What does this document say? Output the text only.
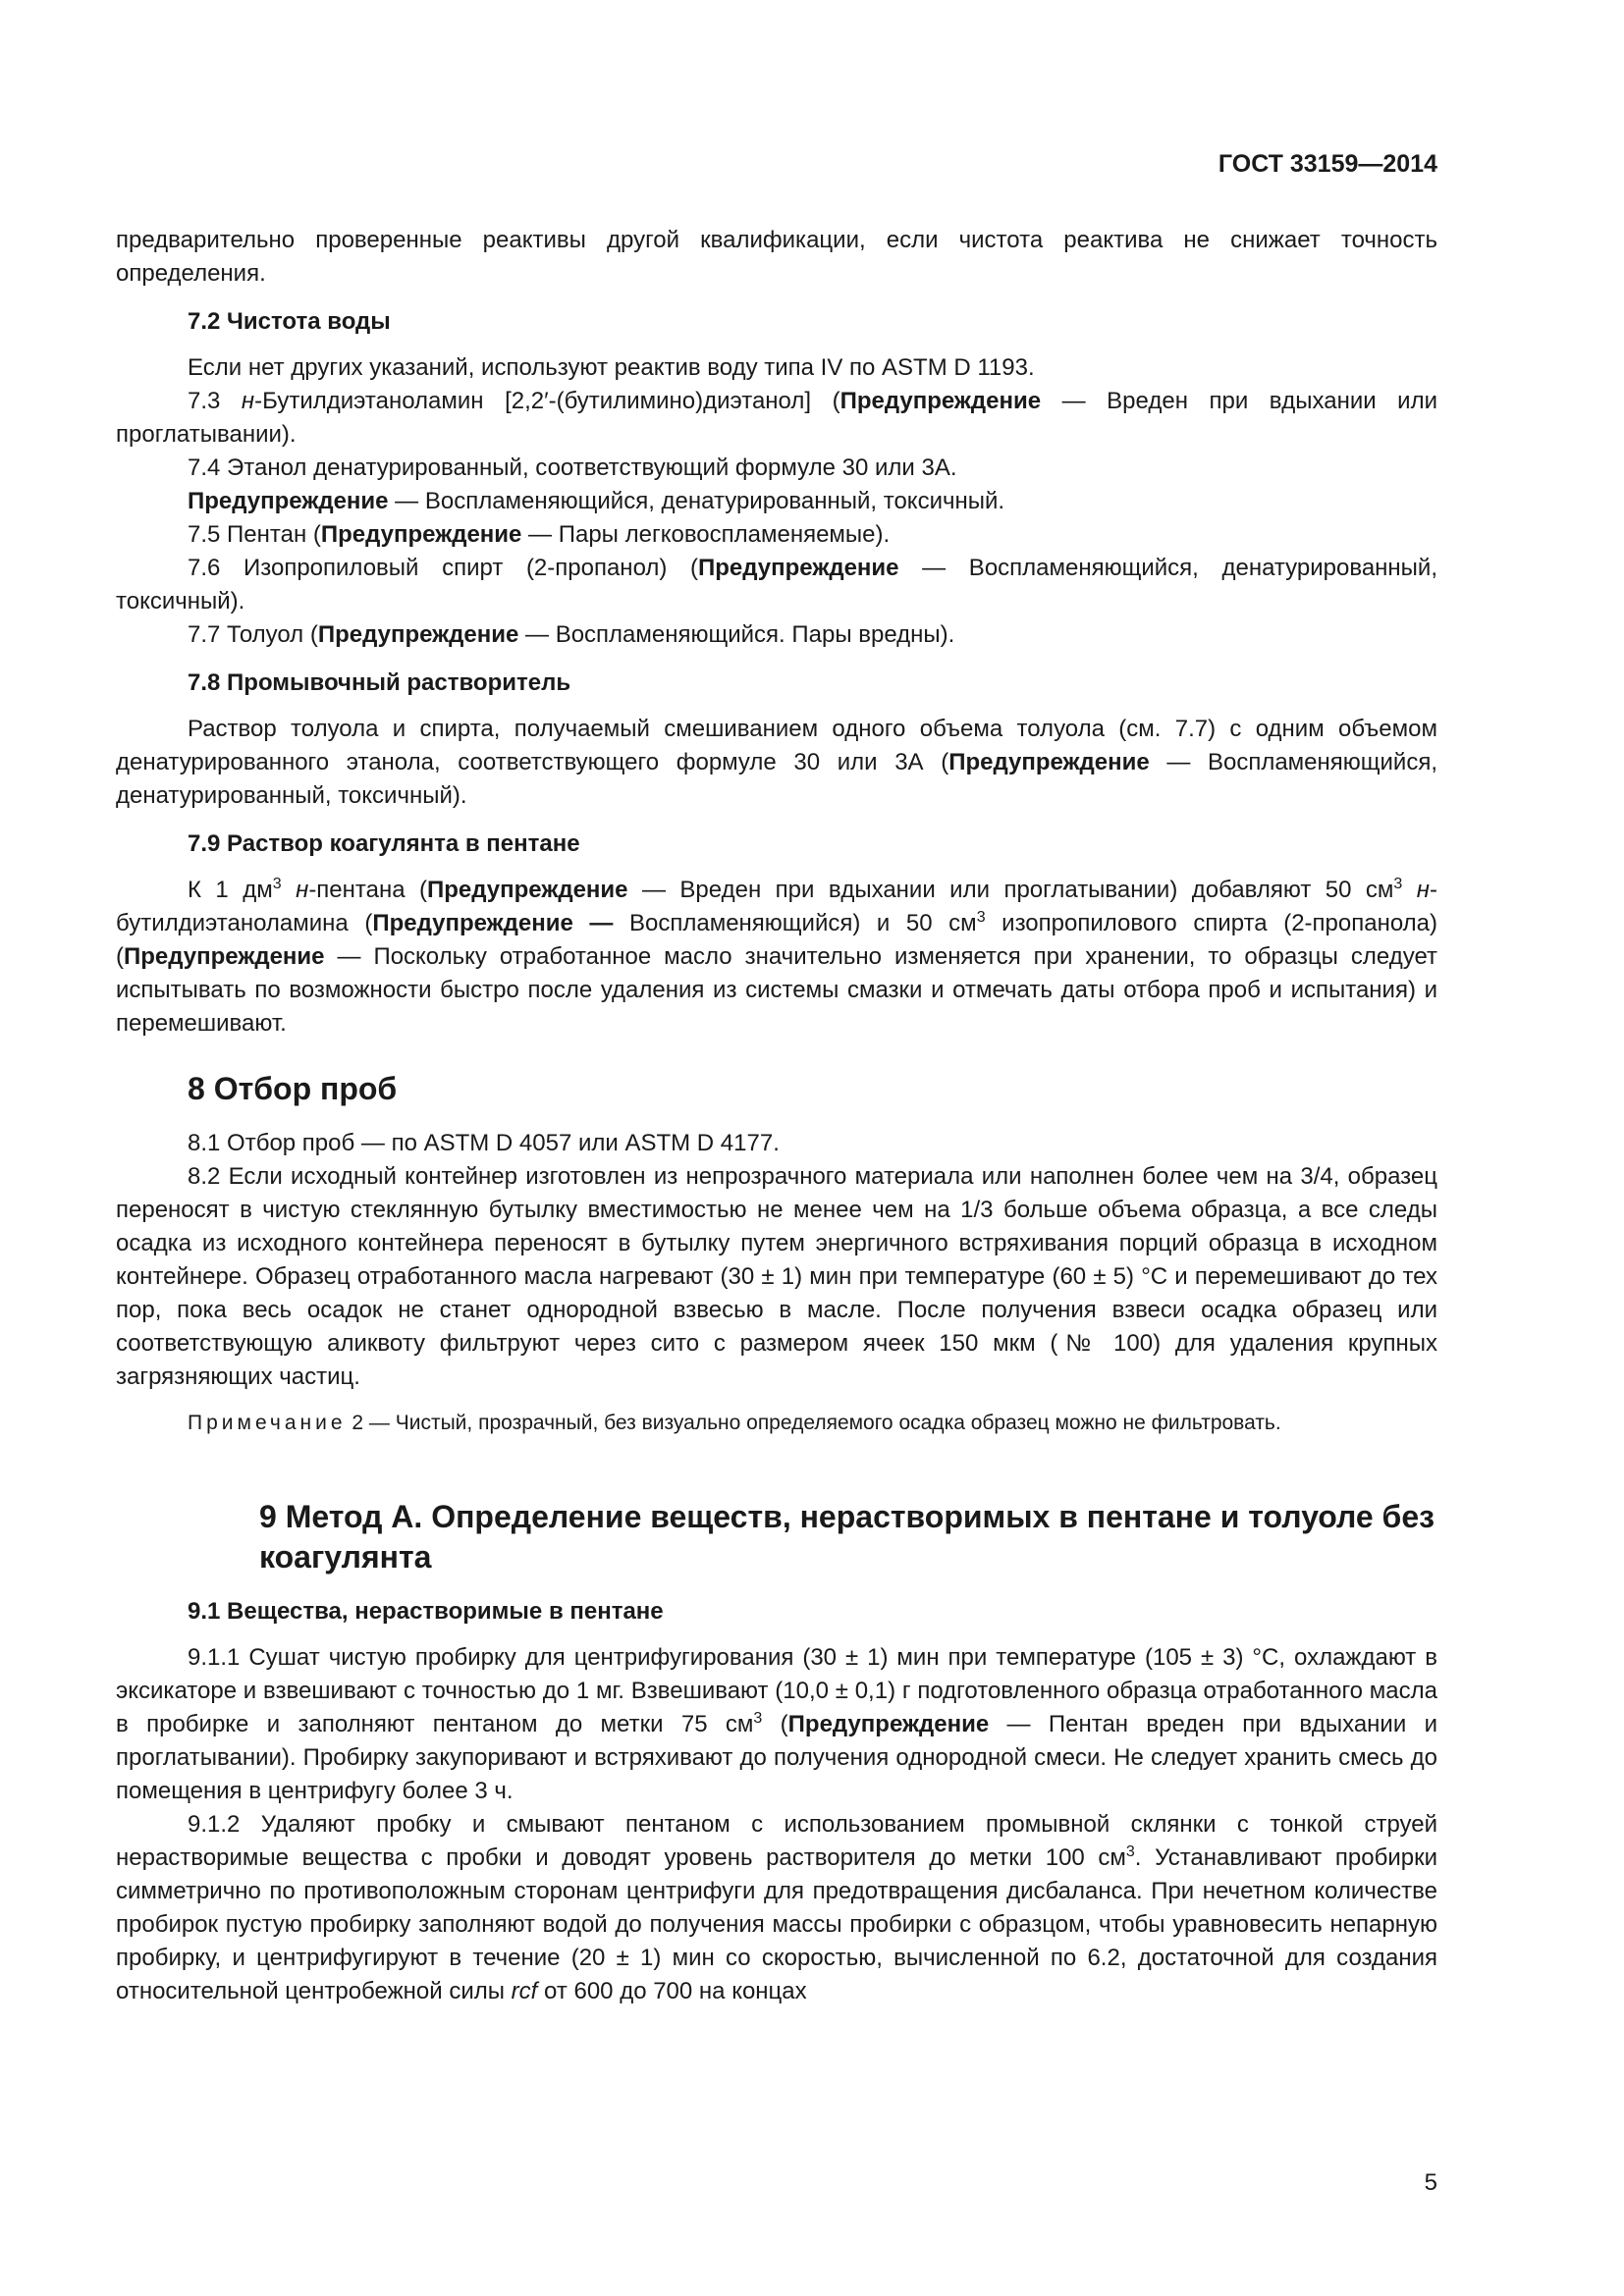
ГОСТ 33159—2014

предварительно проверенные реактивы другой квалификации, если чистота реактива не снижает точность определения.

7.2 Чистота воды

Если нет других указаний, используют реактив воду типа IV по ASTM D 1193.

7.3 н-Бутилдиэтаноламин [2,2′-(бутилимино)диэтанол] (Предупреждение — Вреден при вдыхании или проглатывании).

7.4 Этанол денатурированный, соответствующий формуле 30 или 3А.

Предупреждение — Воспламеняющийся, денатурированный, токсичный.

7.5 Пентан (Предупреждение — Пары легковоспламеняемые).

7.6 Изопропиловый спирт (2-пропанол) (Предупреждение — Воспламеняющийся, денатурированный, токсичный).

7.7 Толуол (Предупреждение — Воспламеняющийся. Пары вредны).

7.8 Промывочный растворитель

Раствор толуола и спирта, получаемый смешиванием одного объема толуола (см. 7.7) с одним объемом денатурированного этанола, соответствующего формуле 30 или 3А (Предупреждение — Воспламеняющийся, денатурированный, токсичный).

7.9 Раствор коагулянта в пентане

К 1 $дм^3$ н-пентана (Предупреждение — Вреден при вдыхании или проглатывании) добавляют 50 $см^3$ н-бутилдиэтаноламина (Предупреждение — Воспламеняющийся) и 50 $см^3$ изопропилового спирта (2-пропанола) (Предупреждение — Поскольку отработанное масло значительно изменяется при хранении, то образцы следует испытывать по возможности быстро после удаления из системы смазки и отмечать даты отбора проб и испытания) и перемешивают.

8 Отбор проб

8.1 Отбор проб — по ASTM D 4057 или ASTM D 4177.

8.2 Если исходный контейнер изготовлен из непрозрачного материала или наполнен более чем на 3/4, образец переносят в чистую стеклянную бутылку вместимостью не менее чем на 1/3 больше объема образца, а все следы осадка из исходного контейнера переносят в бутылку путем энергичного встряхивания порций образца в исходном контейнере. Образец отработанного масла нагревают (30 ± 1) мин при температуре (60 ± 5) °С и перемешивают до тех пор, пока весь осадок не станет однородной взвесью в масле. После получения взвеси осадка образец или соответствующую аликвоту фильтруют через сито с размером ячеек 150 мкм (№ 100) для удаления крупных загрязняющих частиц.

Примечание 2 — Чистый, прозрачный, без визуально определяемого осадка образец можно не фильтровать.

9 Метод А. Определение веществ, нерастворимых в пентане и толуоле без коагулянта
9.1 Вещества, нерастворимые в пентане

9.1.1 Сушат чистую пробирку для центрифугирования (30 ± 1) мин при температуре (105 ± 3) °С, охлаждают в эксикаторе и взвешивают с точностью до 1 мг. Взвешивают (10,0 ± 0,1) г подготовленного образца отработанного масла в пробирке и заполняют пентаном до метки 75 $см^3$ (Предупреждение — Пентан вреден при вдыхании и проглатывании). Пробирку закупоривают и встряхивают до получения однородной смеси. Не следует хранить смесь до помещения в центрифугу более 3 ч.

9.1.2 Удаляют пробку и смывают пентаном с использованием промывной склянки с тонкой струей нерастворимые вещества с пробки и доводят уровень растворителя до метки 100 $см^3$. Устанавливают пробирки симметрично по противоположным сторонам центрифуги для предотвращения дисбаланса. При нечетном количестве пробирок пустую пробирку заполняют водой до получения массы пробирки с образцом, чтобы уравновесить непарную пробирку, и центрифугируют в течение (20 ± 1) мин со скоростью, вычисленной по 6.2, достаточной для создания относительной центробежной силы rcf от 600 до 700 на концах

5
